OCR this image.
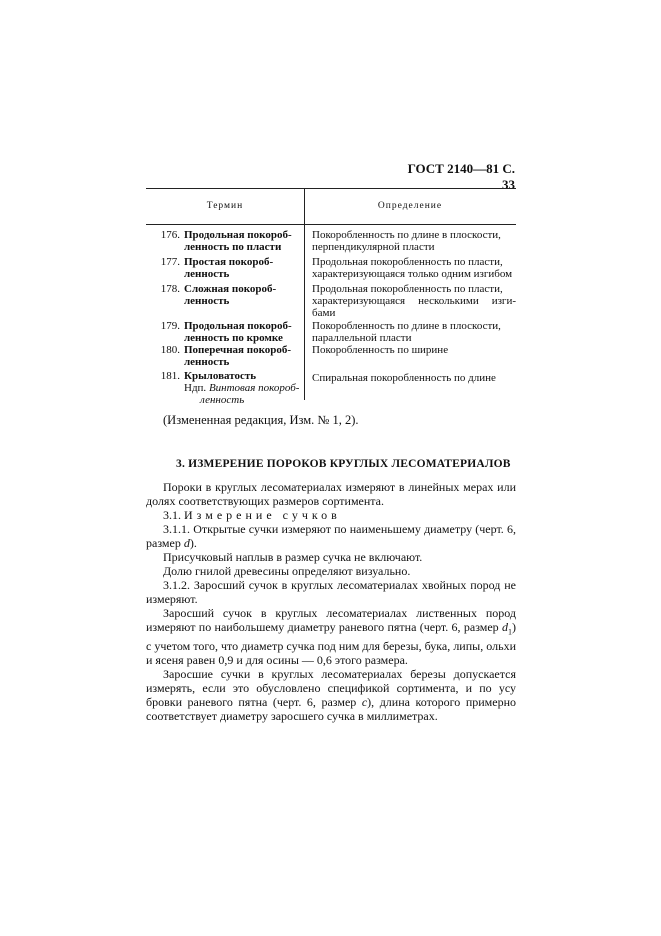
ГОСТ 2140—81 С. 33
Термин	Определение
176. Продольная покороб-
ленность по пласти
Покоробленность по длине в плоскости,
перпендикулярной пласти
177. Простая покороб-
ленность
Продольная покоробленность по пласти,
характеризующаяся только одним изгибом
178. Сложная покороб-
ленность
Продольная покоробленность по пласти,
характеризующаяся несколькими изги-
бами
179. Продольная покороб-
ленность по кромке
Покоробленность по длине в плоскости,
параллельной пласти
180. Поперечная покороб-
ленность
Покоробленность по ширине
181. Крыловатость
Ндп. Винтовая покороб-
ленность
Спиральная покоробленность по длине
(Измененная редакция, Изм. № 1, 2).
3. ИЗМЕРЕНИЕ ПОРОКОВ КРУГЛЫХ ЛЕСОМАТЕРИАЛОВ

Пороки в круглых лесоматериалах измеряют в линейных мерах или долях соответствующих размеров сортимента.

3.1. Измерение сучков

3.1.1. Открытые сучки измеряют по наименьшему диаметру (черт. 6, размер d).

Присучковый наплыв в размер сучка не включают.

Долю гнилой древесины определяют визуально.

3.1.2. Заросший сучок в круглых лесоматериалах хвойных пород не измеряют.

Заросший сучок в круглых лесоматериалах лиственных пород измеряют по наибольшему диаметру раневого пятна (черт. 6, размер $d_1$) с учетом того, что диаметр сучка под ним для березы, бука, липы, ольхи и ясеня равен 0,9 и для осины — 0,6 этого размера.

Заросшие сучки в круглых лесоматериалах березы допускается измерять, если это обусловлено спецификой сортимента, и по усу бровки раневого пятна (черт. 6, размер c), длина которого примерно соответствует диаметру заросшего сучка в миллиметрах.
